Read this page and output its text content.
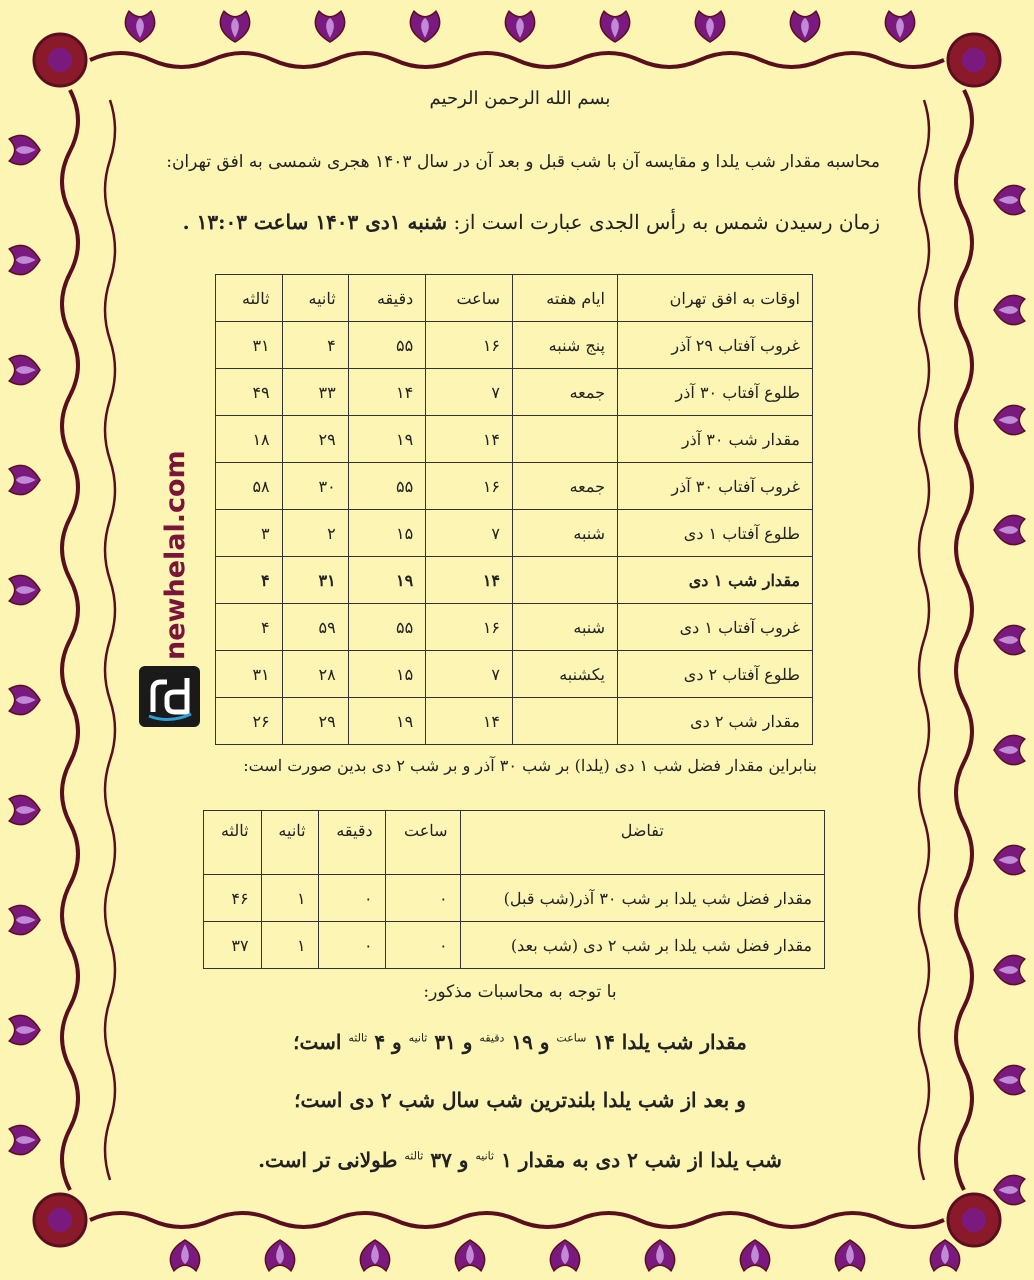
بسم الله الرحمن الرحیم
محاسبه مقدار شب یلدا و مقایسه آن با شب قبل و بعد آن در سال ۱۴۰۳ هجری شمسی به افق تهران:
زمان رسیدن شمس به رأس الجدی عبارت است از: شنبه ۱دی ۱۴۰۳ ساعت ۱۳:۰۳ .
بنابراین مقدار فضل شب ۱ دی (یلدا) بر شب ۳۰ آذر و بر شب ۲ دی بدین صورت است:
با توجه به محاسبات مذکور:
مقدار شب یلدا ۱۴ $^{ساعت}$ و ۱۹ $^{دقیقه}$ و ۳۱ $^{ثانیه}$ و ۴ $^{ثالثه}$ است؛
و بعد از شب یلدا بلندترین شب سال شب ۲ دی است؛
شب یلدا از شب ۲ دی به مقدار ۱ $^{ثانیه}$ و ۳۷ $^{ثالثه}$ طولانی تر است.
اوقات به افق تهران	ایام هفته	ساعت	دقیقه	ثانیه	ثالثه
غروب آفتاب ۲۹ آذر	پنج شنبه	۱۶	۵۵	۴	۳۱
طلوع آفتاب ۳۰ آذر	جمعه	۷	۱۴	۳۳	۴۹
مقدار شب ۳۰ آذر		۱۴	۱۹	۲۹	۱۸
غروب آفتاب ۳۰ آذر	جمعه	۱۶	۵۵	۳۰	۵۸
طلوع آفتاب ۱ دی	شنبه	۷	۱۵	۲	۳
مقدار شب ۱ دی		۱۴	۱۹	۳۱	۴
غروب آفتاب ۱ دی	شنبه	۱۶	۵۵	۵۹	۴
طلوع آفتاب ۲ دی	یکشنبه	۷	۱۵	۲۸	۳۱
مقدار شب ۲ دی		۱۴	۱۹	۲۹	۲۶
تفاضل	ساعت	دقیقه	ثانیه	ثالثه
مقدار فضل شب یلدا بر شب ۳۰ آذر(شب قبل)	۰	۰	۱	۴۶
مقدار فضل شب یلدا بر شب ۲ دی (شب بعد)	۰	۰	۱	۳۷
newhelal.com
